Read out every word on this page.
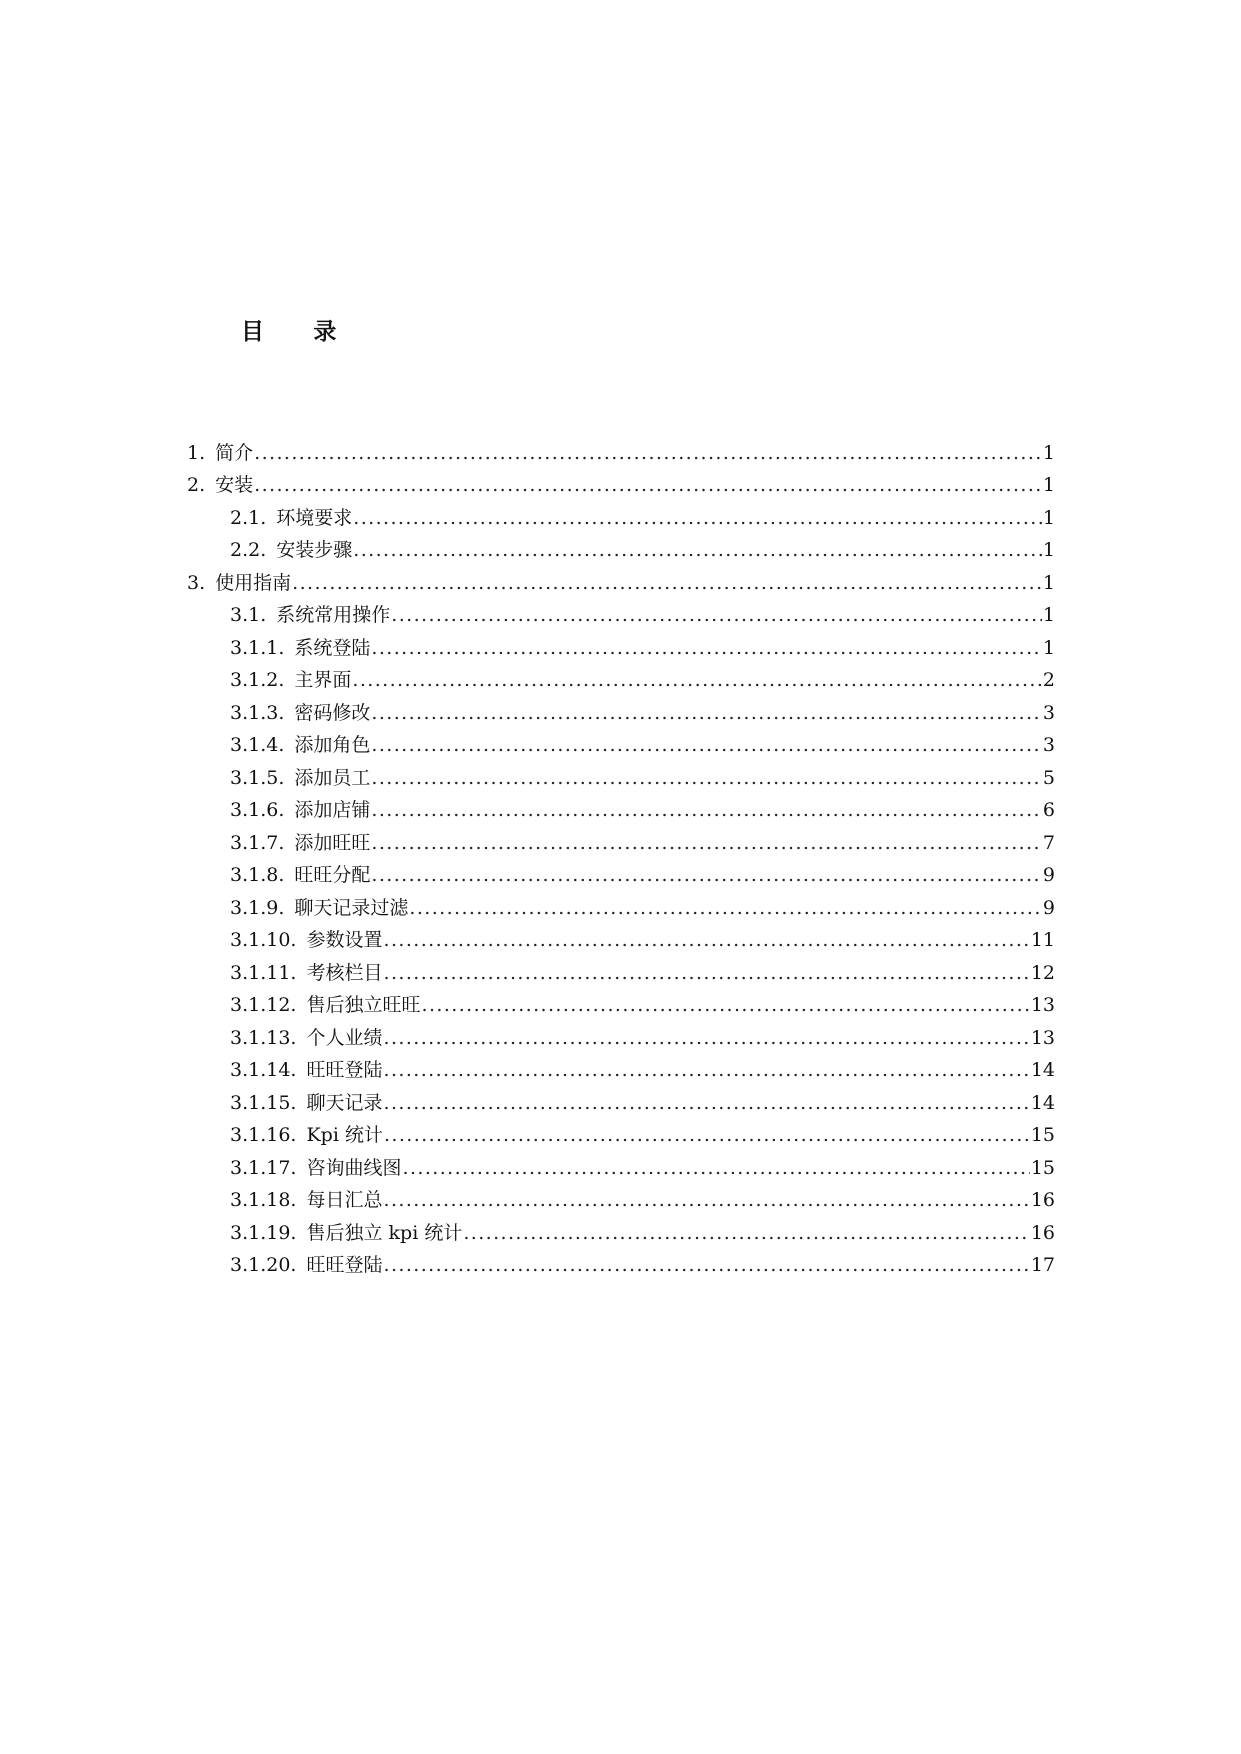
目 录
1. 简介 .....	1
2. 安装 .....	1
2.1. 环境要求 .....	1
2.2. 安装步骤 .....	1
3. 使用指南 .....	1
3.1. 系统常用操作 .....	1
3.1.1. 系统登陆 .....	1
3.1.2. 主界面 .....	2
3.1.3. 密码修改 .....	3
3.1.4. 添加角色 .....	3
3.1.5. 添加员工 .....	5
3.1.6. 添加店铺 .....	6
3.1.7. 添加旺旺 .....	7
3.1.8. 旺旺分配 .....	9
3.1.9. 聊天记录过滤 .....	9
3.1.10. 参数设置 .....	11
3.1.11. 考核栏目 .....	12
3.1.12. 售后独立旺旺 .....	13
3.1.13. 个人业绩 .....	13
3.1.14. 旺旺登陆 .....	14
3.1.15. 聊天记录 .....	14
3.1.16. Kpi 统计 .....	15
3.1.17. 咨询曲线图 .....	15
3.1.18. 每日汇总 .....	16
3.1.19. 售后独立 kpi 统计 .....	16
3.1.20. 旺旺登陆 .....	17
